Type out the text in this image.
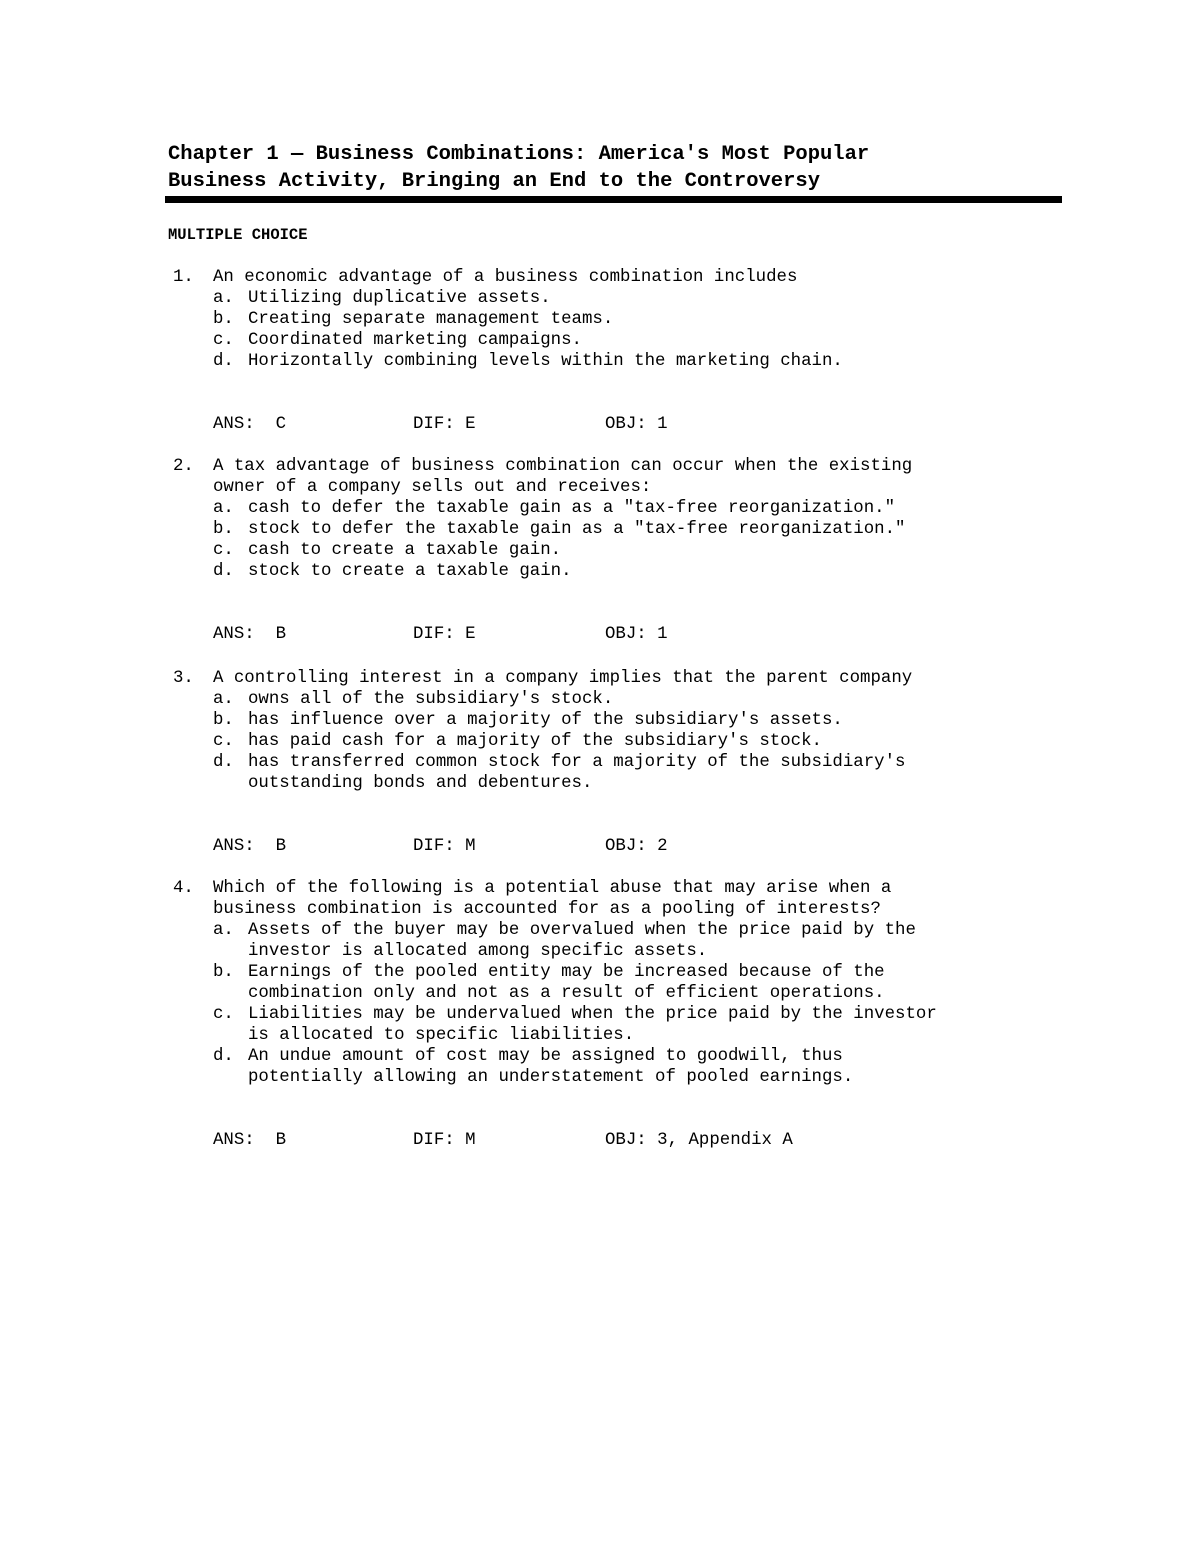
Chapter 1 — Business Combinations: America's Most Popular
Business Activity, Bringing an End to the Controversy
MULTIPLE CHOICE
1.	An economic advantage of a business combination includes
a. Utilizing duplicative assets.
b. Creating separate management teams.
c. Coordinated marketing campaigns.
d. Horizontally combining levels within the marketing chain.
ANS:  C	DIF: E	OBJ: 1
2.	A tax advantage of business combination can occur when the existing
owner of a company sells out and receives:
a. cash to defer the taxable gain as a "tax-free reorganization."
b. stock to defer the taxable gain as a "tax-free reorganization."
c. cash to create a taxable gain.
d. stock to create a taxable gain.
ANS:  B	DIF: E	OBJ: 1
3.	A controlling interest in a company implies that the parent company
a. owns all of the subsidiary's stock.
b. has influence over a majority of the subsidiary's assets.
c. has paid cash for a majority of the subsidiary's stock.
d. has transferred common stock for a majority of the subsidiary's
outstanding bonds and debentures.
ANS:  B	DIF: M	OBJ: 2
4.	Which of the following is a potential abuse that may arise when a
business combination is accounted for as a pooling of interests?
a. Assets of the buyer may be overvalued when the price paid by the
investor is allocated among specific assets.
b. Earnings of the pooled entity may be increased because of the
combination only and not as a result of efficient operations.
c. Liabilities may be undervalued when the price paid by the investor
is allocated to specific liabilities.
d. An undue amount of cost may be assigned to goodwill, thus
potentially allowing an understatement of pooled earnings.
ANS:  B	DIF: M	OBJ: 3, Appendix A
